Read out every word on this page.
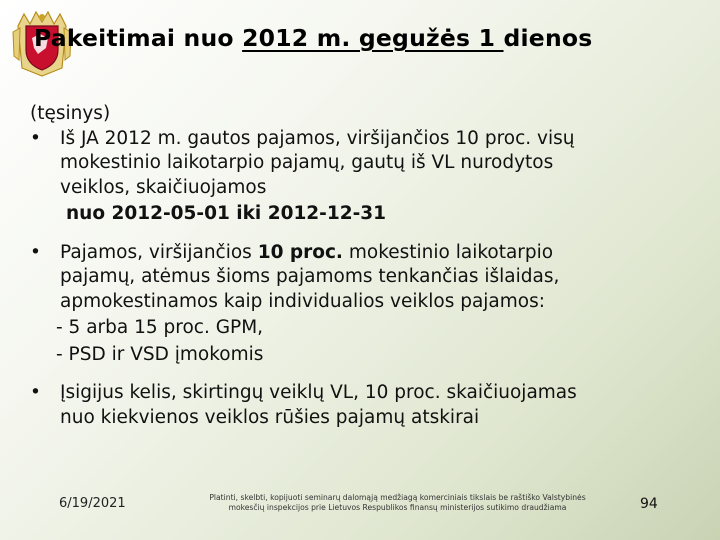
Pakeitimai nuo 2012 m. gegužės 1 dienos

(tęsinys)

• Iš JA 2012 m. gautos pajamos, viršijančios 10 proc. visų
mokestinio laikotarpio pajamų, gautų iš VL nurodytos
veiklos, skaičiuojamos
nuo 2012-05-01 iki 2012-12-31
• Pajamos, viršijančios 10 proc. mokestinio laikotarpio
pajamų, atėmus šioms pajamoms tenkančias išlaidas,
apmokestinamos kaip individualios veiklos pajamos:
- 5 arba 15 proc. GPM,
- PSD ir VSD įmokomis
• Įsigijus kelis, skirtingų veiklų VL, 10 proc. skaičiuojamas
nuo kiekvienos veiklos rūšies pajamų atskirai
6/19/2021	Platinti, skelbti, kopijuoti seminarų dalomąją medžiagą komerciniais tikslais be raštiško Valstybinės
mokesčių inspekcijos prie Lietuvos Respublikos finansų ministerijos sutikimo draudžiama	94
